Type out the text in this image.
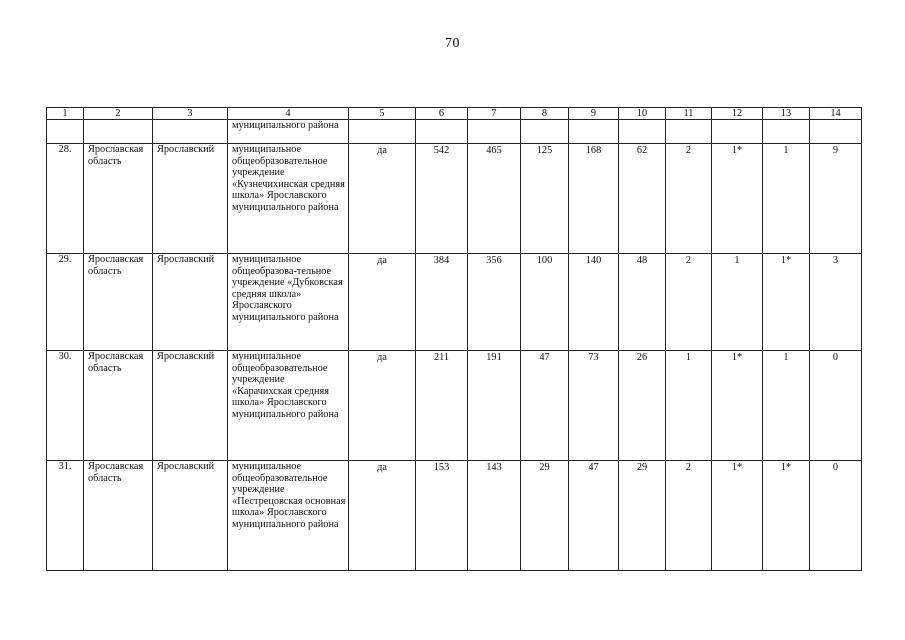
70
1	2	3	4	5	6	7	8	9	10	11	12	13	14
			муниципального района										
28.	Ярославская область	Ярославский	муниципальное общеобразовательное учреждение «Кузнечихинская средняя школа» Ярославского муниципального района	да	542	465	125	168	62	2	1*	1	9
29.	Ярославская область	Ярославский	муниципальное общеобразова-тельное учреждение «Дубковская средняя школа» Ярославского муниципального района	да	384	356	100	140	48	2	1	1*	3
30.	Ярославская область	Ярославский	муниципальное общеобразовательное учреждение «Карачихская средняя школа» Ярославского муниципального района	да	211	191	47	73	26	1	1*	1	0
31.	Ярославская область	Ярославский	муниципальное общеобразовательное учреждение «Пестрецовская основная школа» Ярославского муниципального района	да	153	143	29	47	29	2	1*	1*	0
